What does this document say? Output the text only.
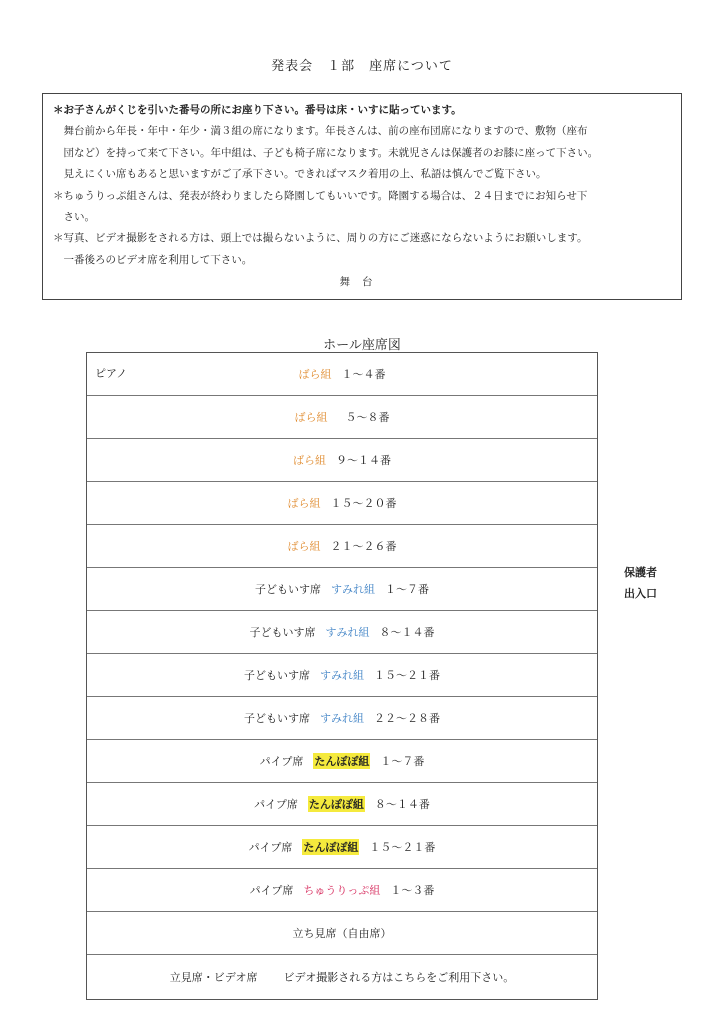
発表会　１部　座席について
＊お子さんがくじを引いた番号の所にお座り下さい。番号は床・いすに貼っています。
　舞台前から年長・年中・年少・満３組の席になります。年長さんは、前の座布団席になりますので、敷物（座布
　団など）を持って来て下さい。年中組は、子ども椅子席になります。未就児さんは保護者のお膝に座って下さい。
　見えにくい席もあると思いますがご了承下さい。できればマスク着用の上、私語は慎んでご覧下さい。
＊ちゅうりっぷ組さんは、発表が終わりましたら降園してもいいです。降園する場合は、２４日までにお知らせ下
　さい。
＊写真、ビデオ撮影をされる方は、頭上では撮らないように、周りの方にご迷惑にならないようにお願いします。
　一番後ろのビデオ席を利用して下さい。
舞台
ホール座席図
ピアノ	ばら組 １～４番
ばら組 ５～８番
ばら組 ９～１４番
ばら組 １５～２０番
ばら組 ２１～２６番
子どもいす席 すみれ組 １～７番
子どもいす席 すみれ組 ８～１４番
子どもいす席 すみれ組 １５～２１番
子どもいす席 すみれ組 ２２～２８番
パイプ席 たんぽぽ組 １～７番
パイプ席 たんぽぽ組 ８～１４番
パイプ席 たんぽぽ組 １５～２１番
パイプ席 ちゅうりっぷ組 １～３番
立ち見席（自由席）
立見席・ビデオ席 ビデオ撮影される方はこちらをご利用下さい。
保護者
出入口
